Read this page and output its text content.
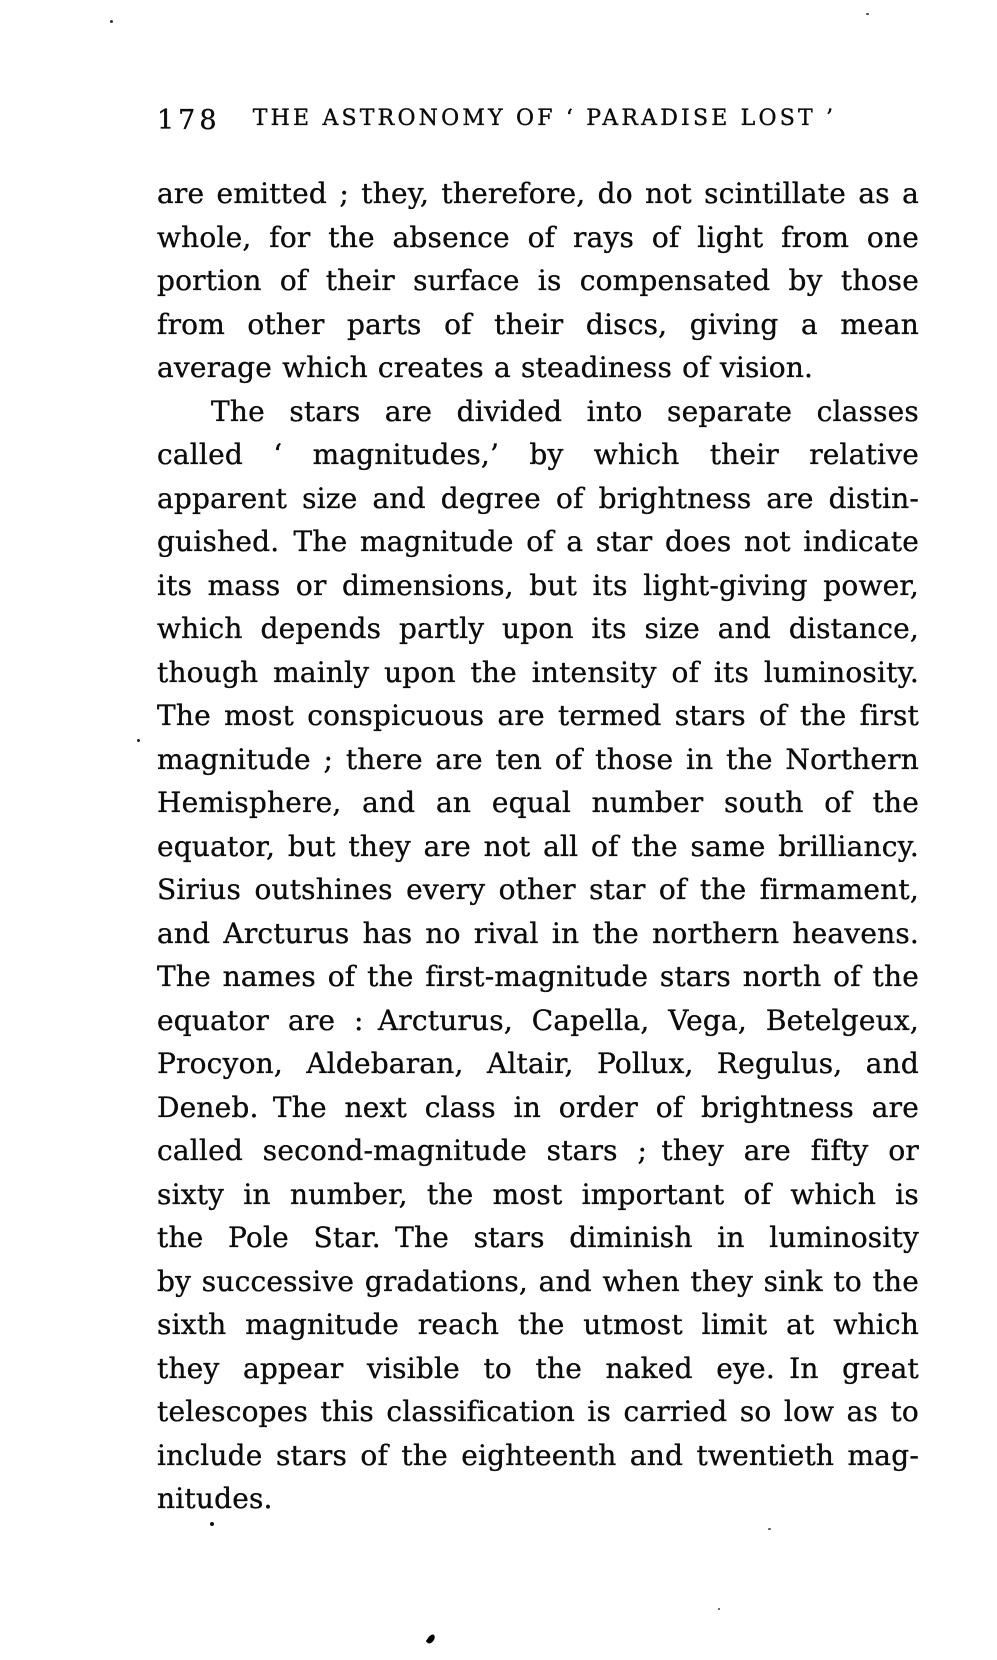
178	THE ASTRONOMY OF ‘ PARADISE LOST ’
are emitted ; they, therefore, do not scintillate as a
whole, for the absence of rays of light from one
portion of their surface is compensated by those
from other parts of their discs, giving a mean
average which creates a steadiness of vision.
The stars are divided into separate classes
called ‘ magnitudes,’ by which their relative
apparent size and degree of brightness are distin-
guished. The magnitude of a star does not indicate
its mass or dimensions, but its light-giving power,
which depends partly upon its size and distance,
though mainly upon the intensity of its luminosity.
The most conspicuous are termed stars of the first
magnitude ; there are ten of those in the Northern
Hemisphere, and an equal number south of the
equator, but they are not all of the same brilliancy.
Sirius outshines every other star of the firmament,
and Arcturus has no rival in the northern heavens.
The names of the first-magnitude stars north of the
equator are : Arcturus, Capella, Vega, Betelgeux,
Procyon, Aldebaran, Altair, Pollux, Regulus, and
Deneb. The next class in order of brightness are
called second-magnitude stars ; they are fifty or
sixty in number, the most important of which is
the Pole Star. The stars diminish in luminosity
by successive gradations, and when they sink to the
sixth magnitude reach the utmost limit at which
they appear visible to the naked eye. In great
telescopes this classification is carried so low as to
include stars of the eighteenth and twentieth mag-
nitudes.
